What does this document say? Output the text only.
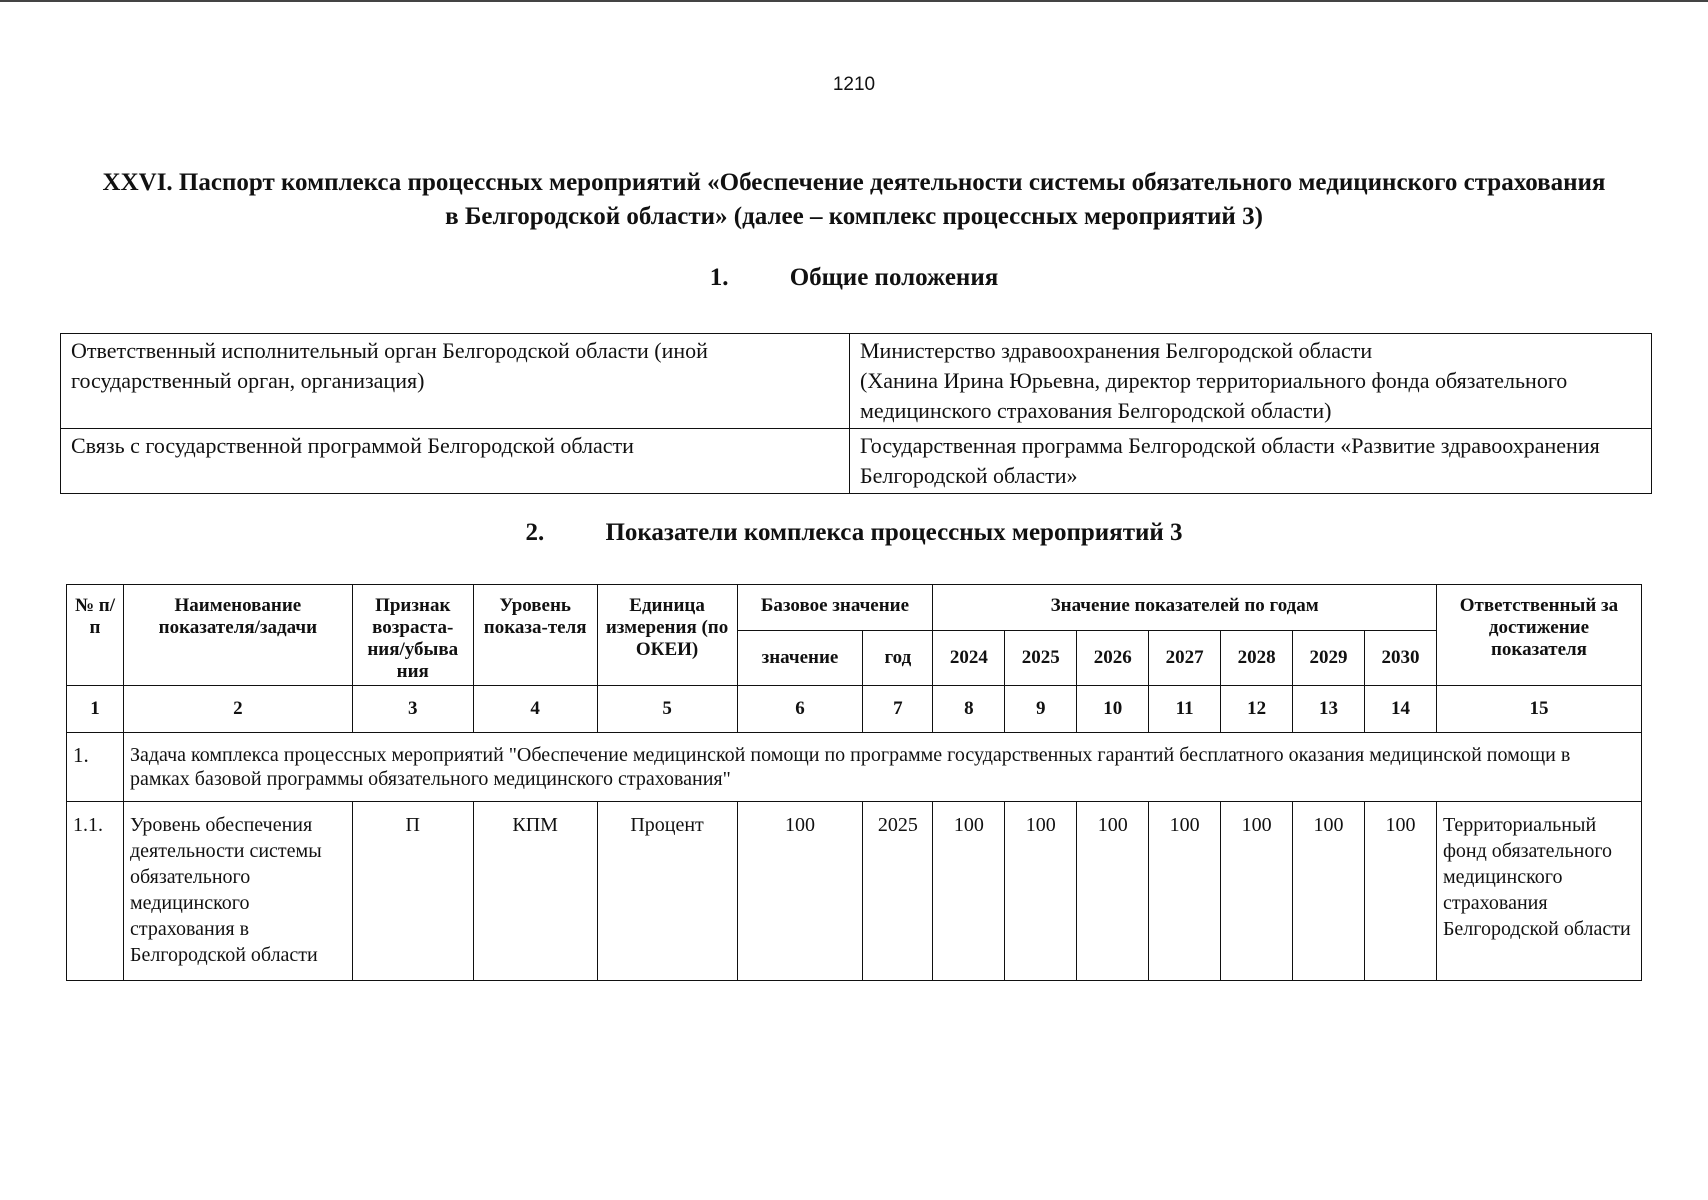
1210
XXVI. Паспорт комплекса процессных мероприятий «Обеспечение деятельности системы обязательного медицинского страхования в Белгородской области» (далее – комплекс процессных мероприятий 3)
1. Общие положения
Ответственный исполнительный орган Белгородской области (иной государственный орган, организация)	Министерство здравоохранения Белгородской области
(Ханина Ирина Юрьевна, директор территориального фонда обязательного медицинского страхования Белгородской области)

Связь с государственной программой Белгородской области	Государственная программа Белгородской области «Развитие здравоохранения Белгородской области»
2. Показатели комплекса процессных мероприятий 3
№ п/п	Наименование показателя/задачи	Признак возраста-ния/убыва ния	Уровень показа-теля	Единица измерения (по ОКЕИ)	Базовое значение		Значение показателей по годам							Ответственный за достижение показателя
					значение	год	2024	2025	2026	2027	2028	2029	2030	
1	2	3	4	5	6	7	8	9	10	11	12	13	14	15
1.	Задача комплекса процессных мероприятий "Обеспечение медицинской помощи по программе государственных гарантий бесплатного оказания медицинской помощи в рамках базовой программы обязательного медицинского страхования"													
1.1.	Уровень обеспечения деятельности системы обязательного медицинского страхования в Белгородской области	П	КПМ	Процент	100	2025	100	100	100	100	100	100	100	Территориальный фонд обязательного медицинского страхования Белгородской области
